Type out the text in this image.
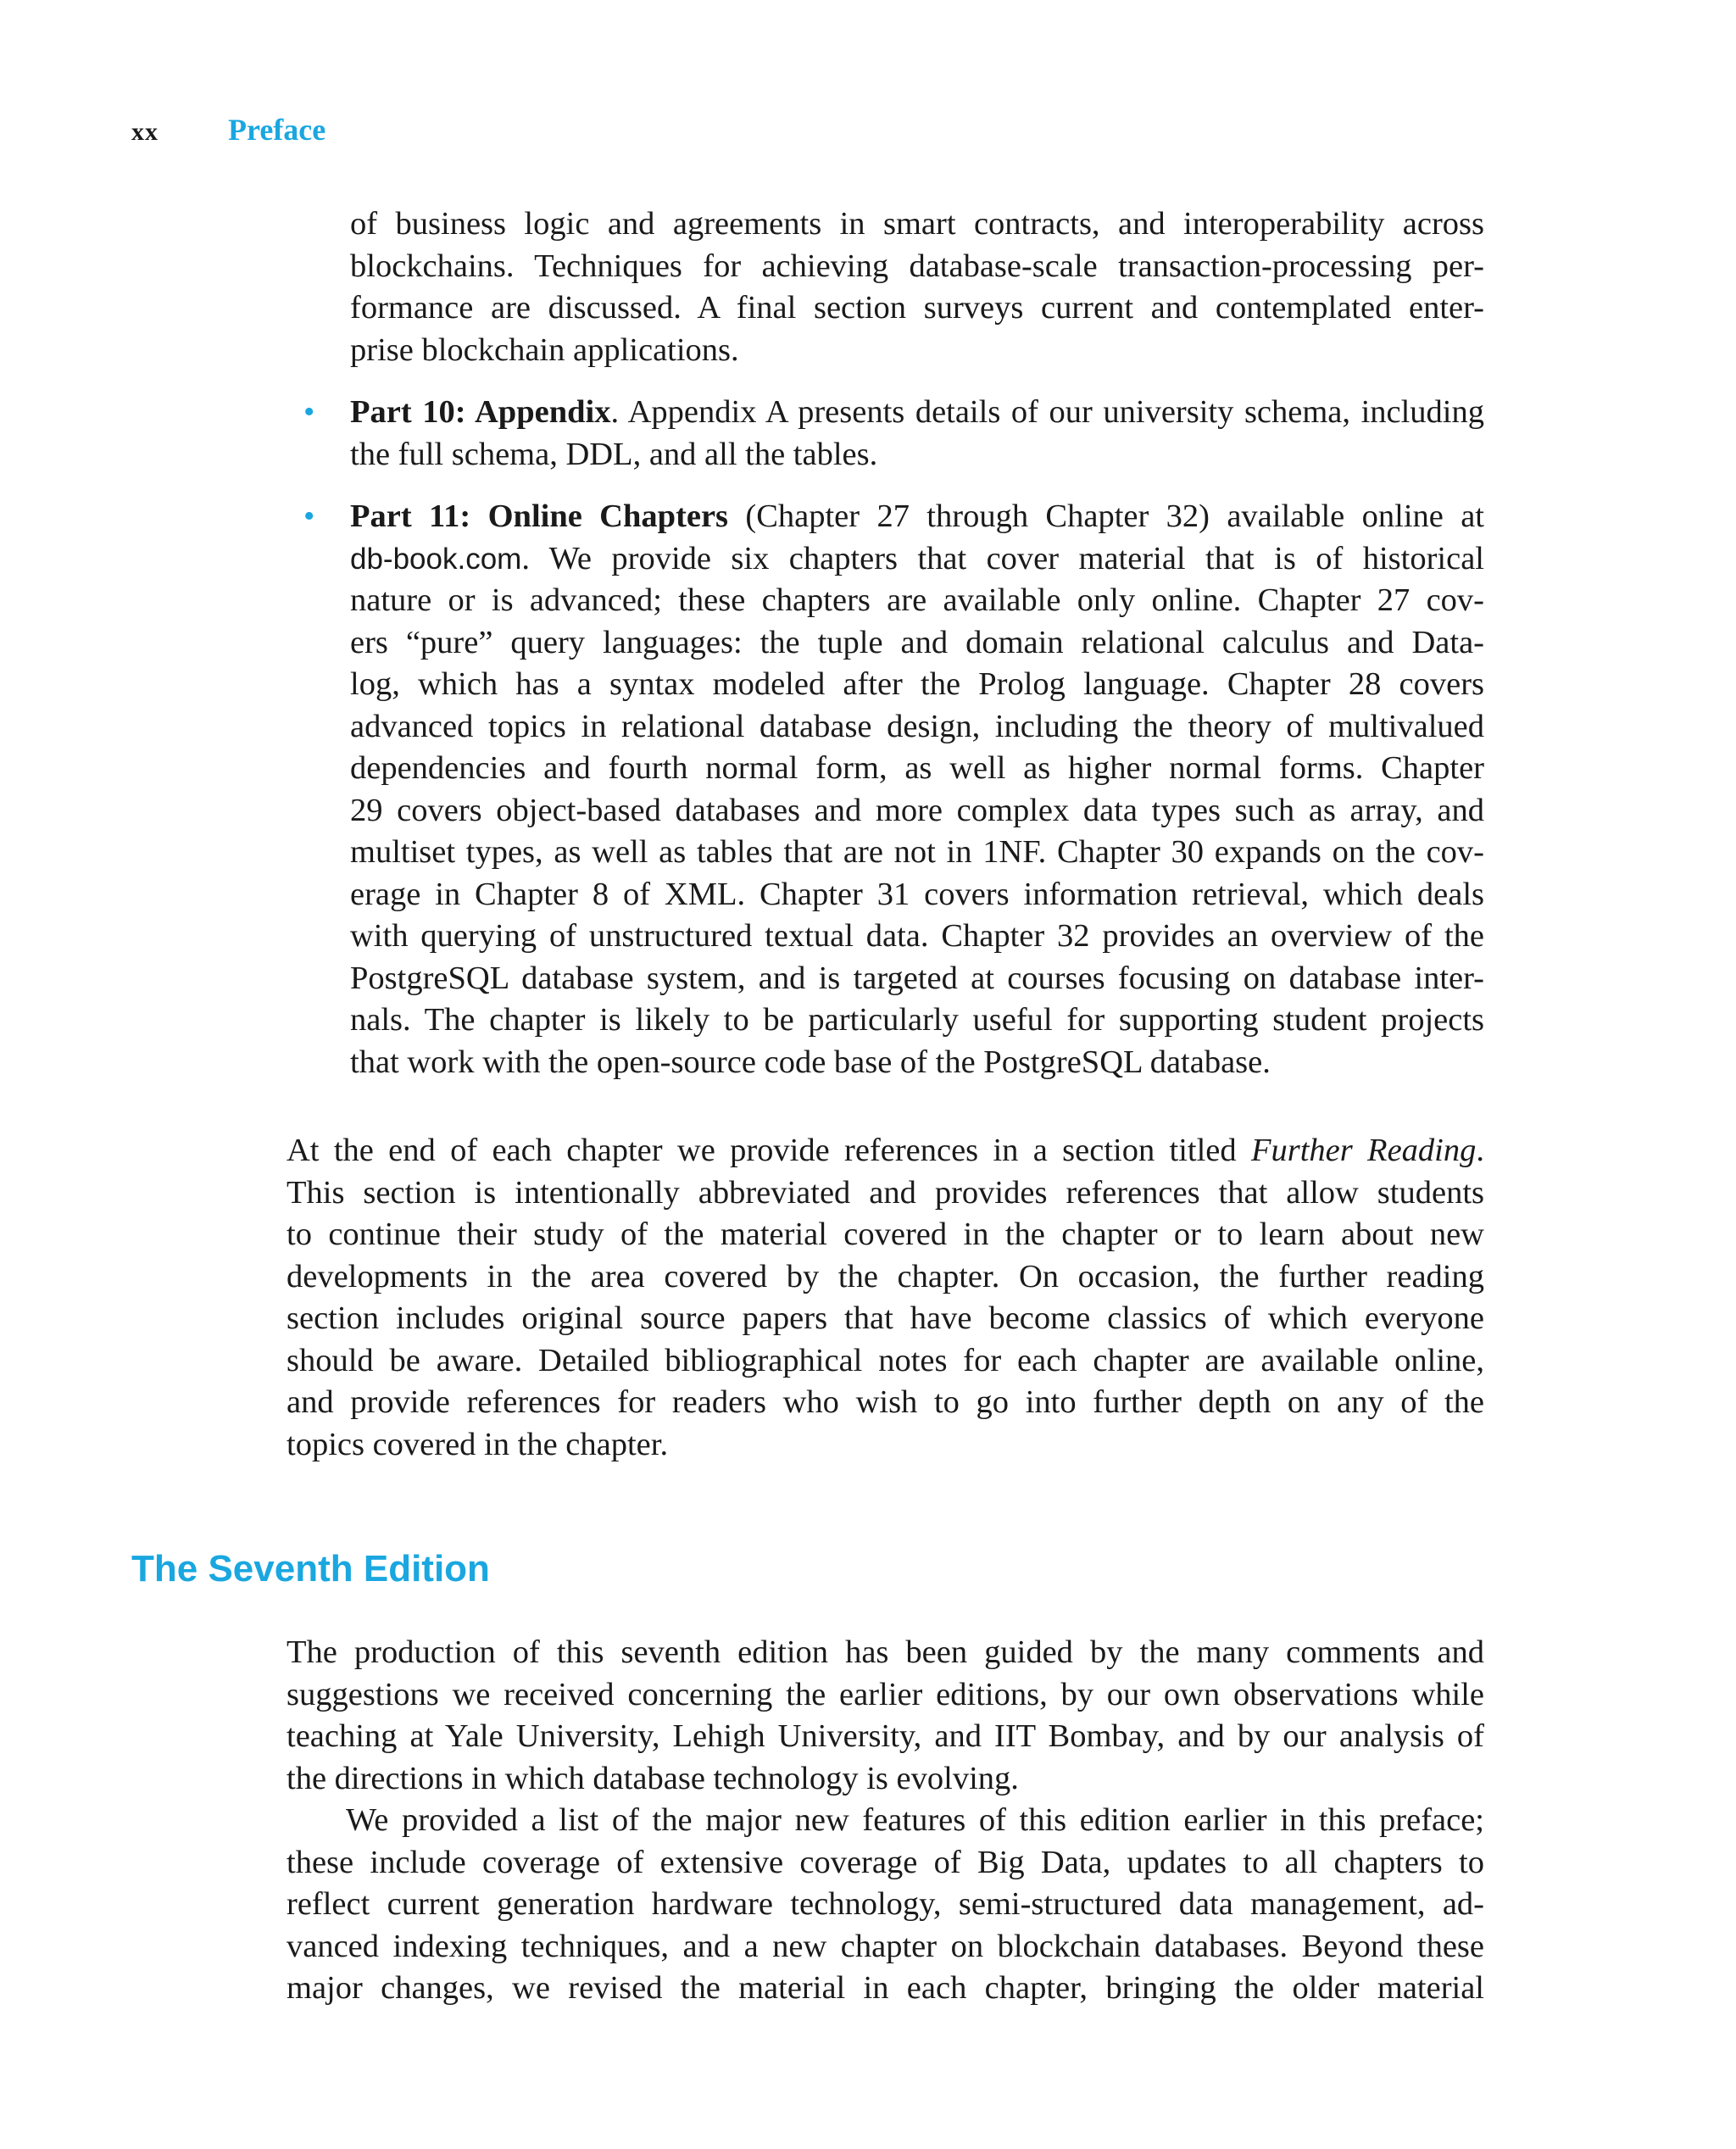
xx Preface
of business logic and agreements in smart contracts, and interoperability across
blockchains. Techniques for achieving database-scale transaction-processing per-
formance are discussed. A final section surveys current and contemplated enter-
prise blockchain applications.
•	Part 10: Appendix. Appendix A presents details of our university schema, including
the full schema, DDL, and all the tables.
•	Part 11: Online Chapters (Chapter 27 through Chapter 32) available online at
db-book.com. We provide six chapters that cover material that is of historical
nature or is advanced; these chapters are available only online. Chapter 27 cov-
ers “pure” query languages: the tuple and domain relational calculus and Data-
log, which has a syntax modeled after the Prolog language. Chapter 28 covers
advanced topics in relational database design, including the theory of multivalued
dependencies and fourth normal form, as well as higher normal forms. Chapter
29 covers object-based databases and more complex data types such as array, and
multiset types, as well as tables that are not in 1NF. Chapter 30 expands on the cov-
erage in Chapter 8 of XML. Chapter 31 covers information retrieval, which deals
with querying of unstructured textual data. Chapter 32 provides an overview of the
PostgreSQL database system, and is targeted at courses focusing on database inter-
nals. The chapter is likely to be particularly useful for supporting student projects
that work with the open-source code base of the PostgreSQL database.
At the end of each chapter we provide references in a section titled Further Reading.
This section is intentionally abbreviated and provides references that allow students
to continue their study of the material covered in the chapter or to learn about new
developments in the area covered by the chapter. On occasion, the further reading
section includes original source papers that have become classics of which everyone
should be aware. Detailed bibliographical notes for each chapter are available online,
and provide references for readers who wish to go into further depth on any of the
topics covered in the chapter.
The Seventh Edition
The production of this seventh edition has been guided by the many comments and
suggestions we received concerning the earlier editions, by our own observations while
teaching at Yale University, Lehigh University, and IIT Bombay, and by our analysis of
the directions in which database technology is evolving.
We provided a list of the major new features of this edition earlier in this preface;
these include coverage of extensive coverage of Big Data, updates to all chapters to
reflect current generation hardware technology, semi-structured data management, ad-
vanced indexing techniques, and a new chapter on blockchain databases. Beyond these
major changes, we revised the material in each chapter, bringing the older material
